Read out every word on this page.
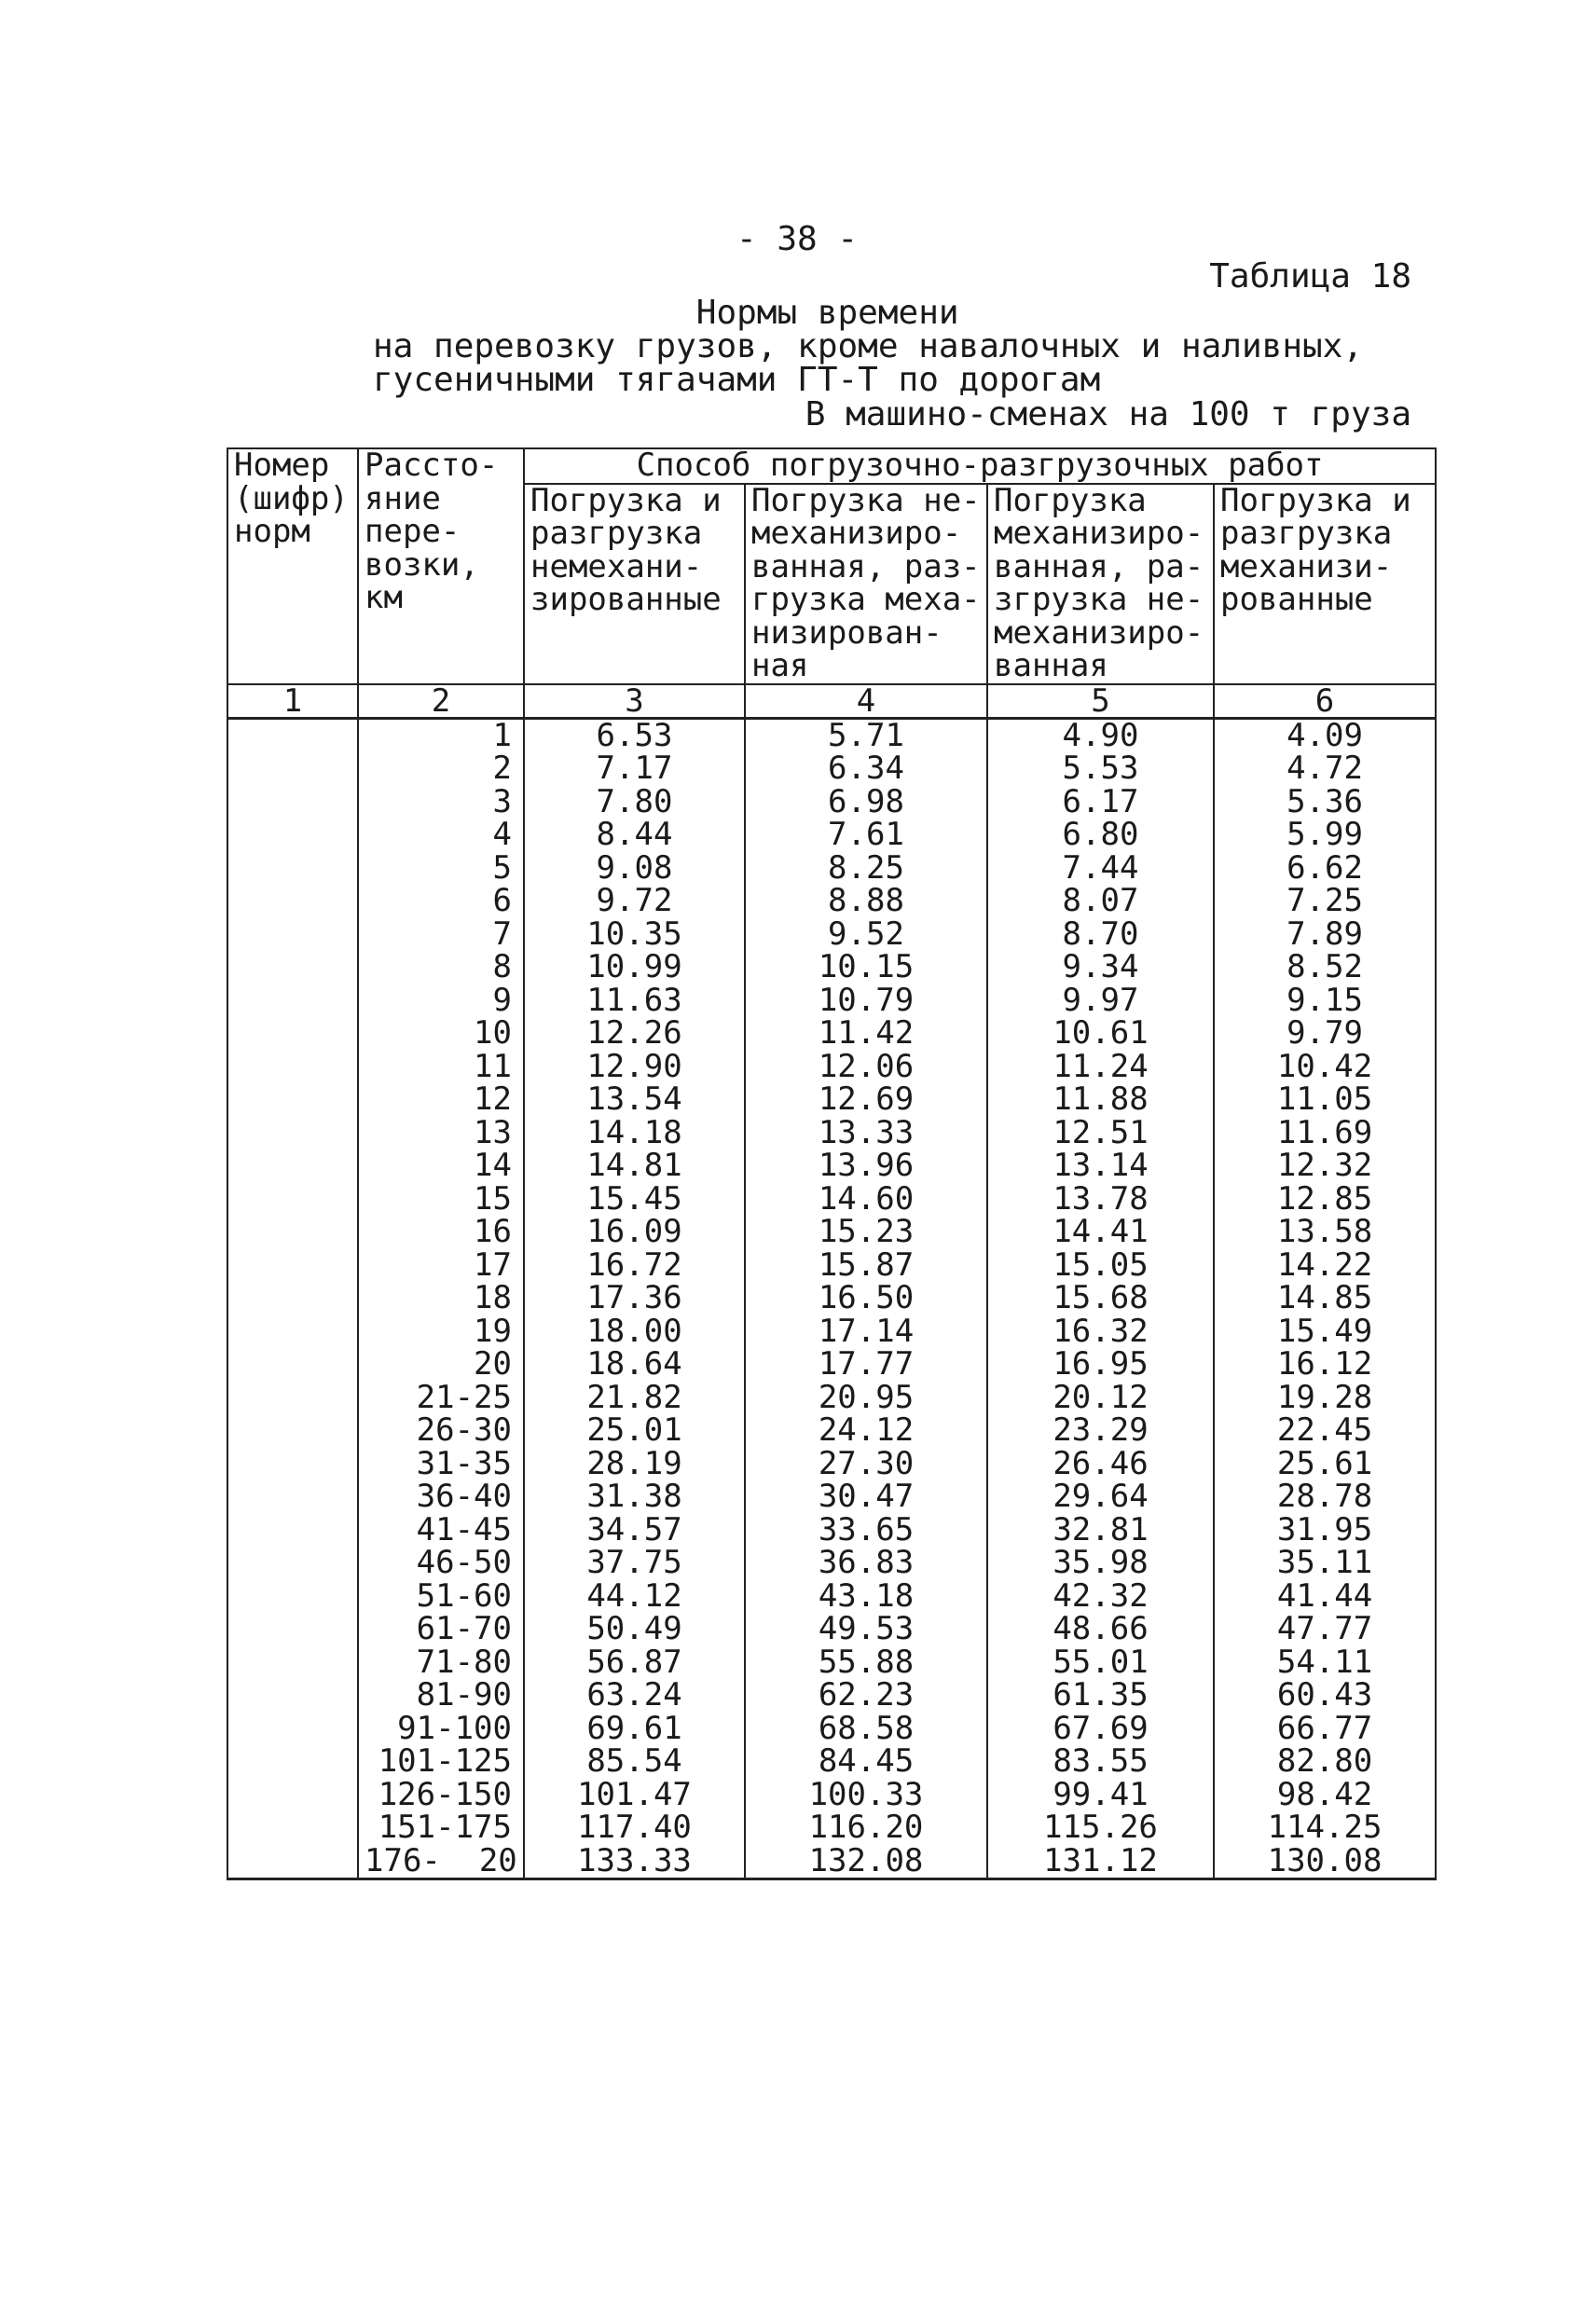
- 38 -
Таблица 18
Нормы времени
на перевозку грузов, кроме навалочных и наливных,
гусеничными тягачами ГТ-Т по дорогам
В машино-сменах на 100 т груза
Номер (шифр) норм	Рассто- яние пере- возки, км	Способ погрузочно-разгрузочных работ			
		Погрузка и разгрузка немехани- зированные	Погрузка не- механизиро- ванная, раз- грузка меха- низирован- ная	Погрузка механизиро- ванная, ра- згрузка не- механизиро- ванная	Погрузка и разгрузка механизи- рованные
1	2	3	4	5	6
	1	6.53	5.71	4.90	4.09
	2	7.17	6.34	5.53	4.72
	3	7.80	6.98	6.17	5.36
	4	8.44	7.61	6.80	5.99
	5	9.08	8.25	7.44	6.62
	6	9.72	8.88	8.07	7.25
	7	10.35	9.52	8.70	7.89
	8	10.99	10.15	9.34	8.52
	9	11.63	10.79	9.97	9.15
	10	12.26	11.42	10.61	9.79
	11	12.90	12.06	11.24	10.42
	12	13.54	12.69	11.88	11.05
	13	14.18	13.33	12.51	11.69
	14	14.81	13.96	13.14	12.32
	15	15.45	14.60	13.78	12.85
	16	16.09	15.23	14.41	13.58
	17	16.72	15.87	15.05	14.22
	18	17.36	16.50	15.68	14.85
	19	18.00	17.14	16.32	15.49
	20	18.64	17.77	16.95	16.12
	21-25	21.82	20.95	20.12	19.28
	26-30	25.01	24.12	23.29	22.45
	31-35	28.19	27.30	26.46	25.61
	36-40	31.38	30.47	29.64	28.78
	41-45	34.57	33.65	32.81	31.95
	46-50	37.75	36.83	35.98	35.11
	51-60	44.12	43.18	42.32	41.44
	61-70	50.49	49.53	48.66	47.77
	71-80	56.87	55.88	55.01	54.11
	81-90	63.24	62.23	61.35	60.43
	91-100	69.61	68.58	67.69	66.77
	101-125	85.54	84.45	83.55	82.80
	126-150	101.47	100.33	99.41	98.42
	151-175	117.40	116.20	115.26	114.25
	176-  20	133.33	132.08	131.12	130.08
